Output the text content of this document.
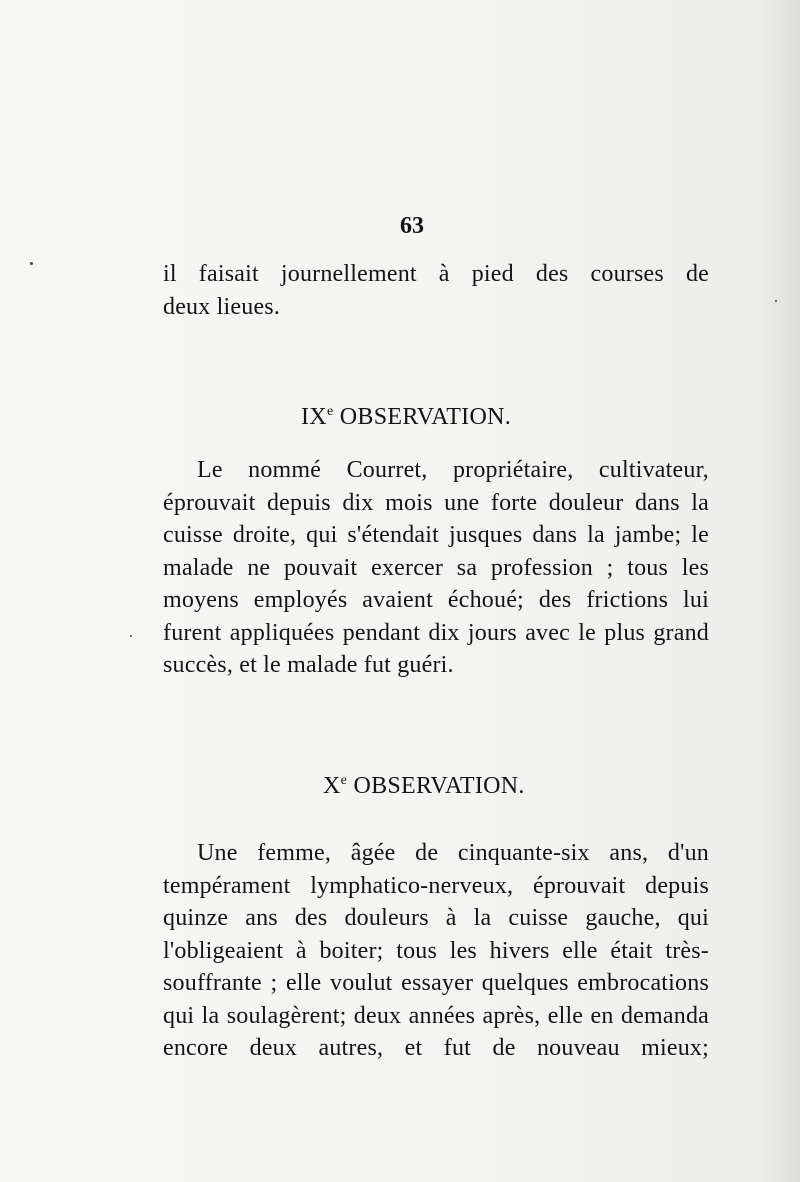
63

il faisait journellement à pied des courses de

deux lieues.

IXe OBSERVATION.

Le nommé Courret, propriétaire, cultivateur, éprouvait depuis dix mois une forte douleur dans la cuisse droite, qui s'étendait jusques dans la jambe; le malade ne pouvait exercer sa profession ; tous les moyens employés avaient échoué; des frictions lui furent appliquées pendant dix jours avec le plus grand succès, et le malade fut guéri.

Xe OBSERVATION.

Une femme, âgée de cinquante-six ans, d'un tempérament lymphatico-nerveux, éprouvait depuis quinze ans des douleurs à la cuisse gauche, qui l'obligeaient à boiter; tous les hivers elle était très-souffrante ; elle voulut essayer quelques embrocations qui la soulagèrent; deux années après, elle en demanda encore deux autres, et fut de nouveau mieux;
